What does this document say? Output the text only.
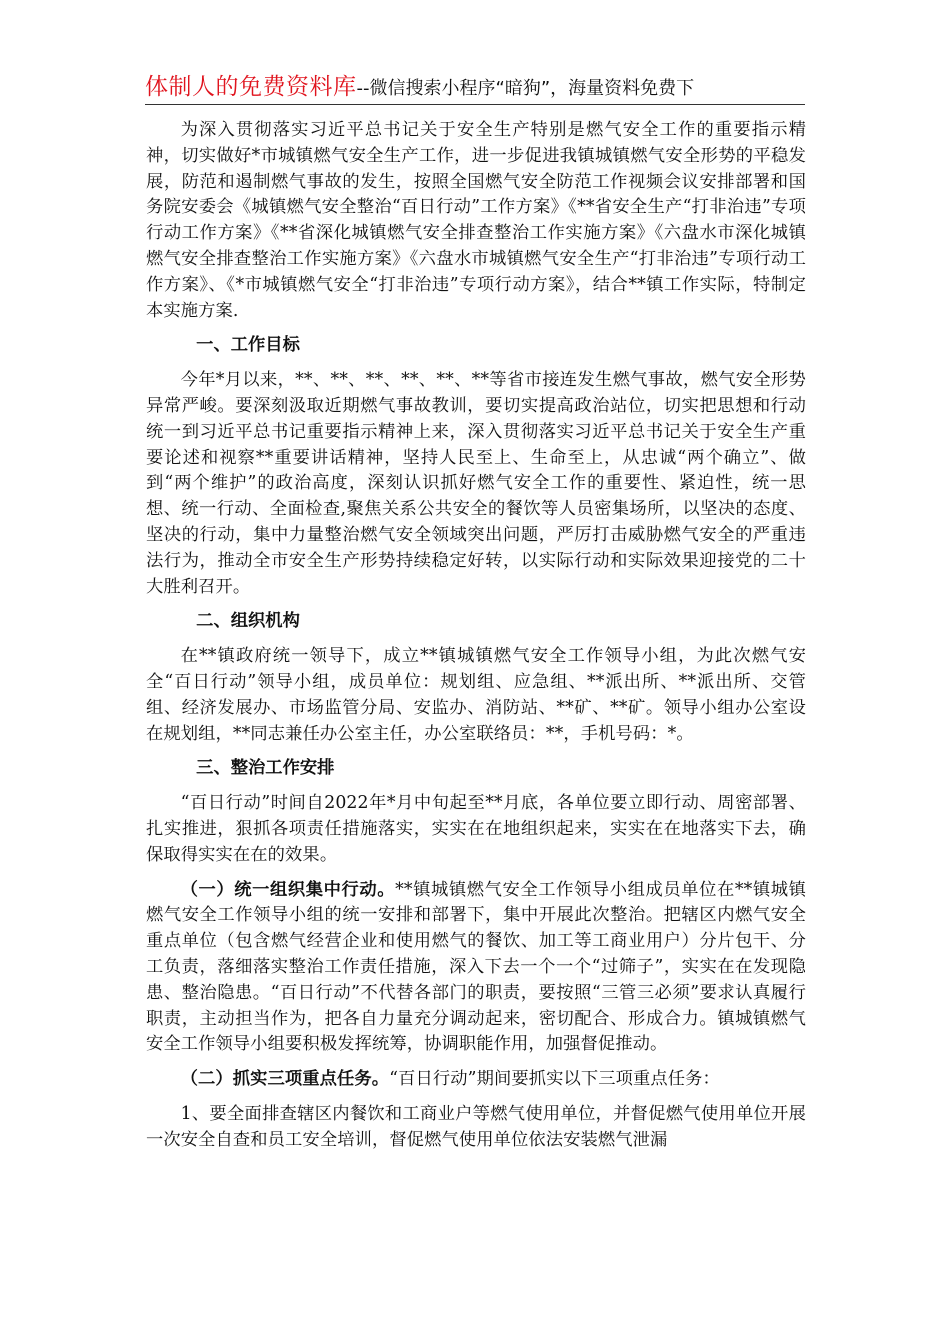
体制人的免费资料库--微信搜索小程序“暗狗”，海量资料免费下

为深入贯彻落实习近平总书记关于安全生产特别是燃气安全工作的重要指示精神，切实做好*市城镇燃气安全生产工作，进一步促进我镇城镇燃气安全形势的平稳发展，防范和遏制燃气事故的发生，按照全国燃气安全防范工作视频会议安排部署和国务院安委会《城镇燃气安全整治“百日行动”工作方案》《**省安全生产“打非治违”专项行动工作方案》《**省深化城镇燃气安全排查整治工作实施方案》《六盘水市深化城镇燃气安全排查整治工作实施方案》《六盘水市城镇燃气安全生产“打非治违”专项行动工作方案》、《*市城镇燃气安全“打非治违”专项行动方案》，结合**镇工作实际，特制定本实施方案.

一、工作目标

今年*月以来，**、**、**、**、**、**等省市接连发生燃气事故，燃气安全形势异常严峻。要深刻汲取近期燃气事故教训，要切实提高政治站位，切实把思想和行动统一到习近平总书记重要指示精神上来，深入贯彻落实习近平总书记关于安全生产重要论述和视察**重要讲话精神，坚持人民至上、生命至上，从忠诚“两个确立”、做到“两个维护”的政治高度，深刻认识抓好燃气安全工作的重要性、紧迫性，统一思想、统一行动、全面检查,聚焦关系公共安全的餐饮等人员密集场所，以坚决的态度、坚决的行动，集中力量整治燃气安全领域突出问题，严厉打击威胁燃气安全的严重违法行为，推动全市安全生产形势持续稳定好转，以实际行动和实际效果迎接党的二十大胜利召开。

二、组织机构

在**镇政府统一领导下，成立**镇城镇燃气安全工作领导小组，为此次燃气安全“百日行动”领导小组，成员单位：规划组、应急组、**派出所、**派出所、交管组、经济发展办、市场监管分局、安监办、消防站、**矿、**矿。领导小组办公室设在规划组，**同志兼任办公室主任，办公室联络员：**，手机号码：*。

三、整治工作安排

“百日行动”时间自2022年*月中旬起至**月底，各单位要立即行动、周密部署、扎实推进，狠抓各项责任措施落实，实实在在地组织起来，实实在在地落实下去，确保取得实实在在的效果。

（一）统一组织集中行动。**镇城镇燃气安全工作领导小组成员单位在**镇城镇燃气安全工作领导小组的统一安排和部署下，集中开展此次整治。把辖区内燃气安全重点单位（包含燃气经营企业和使用燃气的餐饮、加工等工商业用户）分片包干、分工负责，落细落实整治工作责任措施，深入下去一个一个“过筛子”，实实在在发现隐患、整治隐患。“百日行动”不代替各部门的职责，要按照“三管三必须”要求认真履行职责，主动担当作为，把各自力量充分调动起来，密切配合、形成合力。镇城镇燃气安全工作领导小组要积极发挥统筹，协调职能作用，加强督促推动。

（二）抓实三项重点任务。“百日行动”期间要抓实以下三项重点任务：

1、要全面排查辖区内餐饮和工商业户等燃气使用单位，并督促燃气使用单位开展一次安全自查和员工安全培训，督促燃气使用单位依法安装燃气泄漏
